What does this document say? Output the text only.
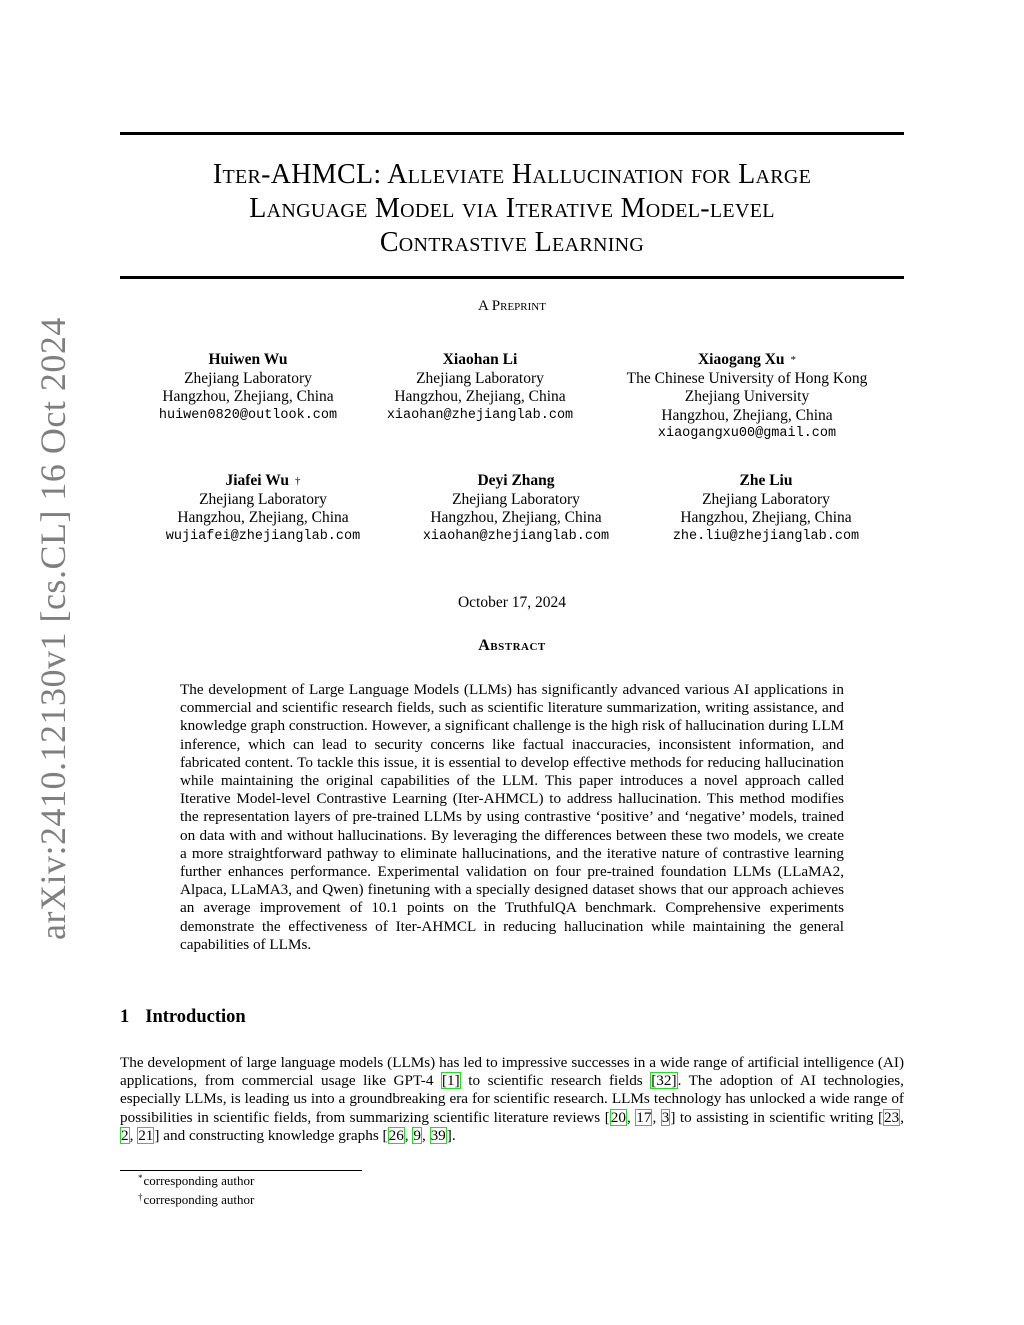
arXiv:2410.12130v1 [cs.CL] 16 Oct 2024
Iter-AHMCL: Alleviate Hallucination for Large
Language Model via Iterative Model-level
Contrastive Learning
A Preprint
Huiwen Wu
Zhejiang Laboratory
Hangzhou, Zhejiang, China
huiwen0820@outlook.com
Xiaohan Li
Zhejiang Laboratory
Hangzhou, Zhejiang, China
xiaohan@zhejianglab.com
Xiaogang Xu *
The Chinese University of Hong Kong
Zhejiang University
Hangzhou, Zhejiang, China
xiaogangxu00@gmail.com
Jiafei Wu †
Zhejiang Laboratory
Hangzhou, Zhejiang, China
wujiafei@zhejianglab.com
Deyi Zhang
Zhejiang Laboratory
Hangzhou, Zhejiang, China
xiaohan@zhejianglab.com
Zhe Liu
Zhejiang Laboratory
Hangzhou, Zhejiang, China
zhe.liu@zhejianglab.com
October 17, 2024
Abstract
The development of Large Language Models (LLMs) has significantly advanced various AI applications in commercial and scientific research fields, such as scientific literature summarization, writing assistance, and knowledge graph construction. However, a significant challenge is the high risk of hallucination during LLM inference, which can lead to security concerns like factual inaccuracies, inconsistent information, and fabricated content. To tackle this issue, it is essential to develop effective methods for reducing hallucination while maintaining the original capabilities of the LLM. This paper introduces a novel approach called Iterative Model-level Contrastive Learning (Iter-AHMCL) to address hallucination. This method modifies the representation layers of pre-trained LLMs by using contrastive ‘positive’ and ‘negative’ models, trained on data with and without hallucinations. By leveraging the differences between these two models, we create a more straightforward pathway to eliminate hallucinations, and the iterative nature of contrastive learning further enhances performance. Experimental validation on four pre-trained foundation LLMs (LLaMA2, Alpaca, LLaMA3, and Qwen) finetuning with a specially designed dataset shows that our approach achieves an average improvement of 10.1 points on the TruthfulQA benchmark. Comprehensive experiments demonstrate the effectiveness of Iter-AHMCL in reducing hallucination while maintaining the general capabilities of LLMs.
1 Introduction
The development of large language models (LLMs) has led to impressive successes in a wide range of artificial intelligence (AI) applications, from commercial usage like GPT-4 [1] to scientific research fields [32]. The adoption of AI technologies, especially LLMs, is leading us into a groundbreaking era for scientific research. LLMs technology has unlocked a wide range of possibilities in scientific fields, from summarizing scientific literature reviews [20, 17, 3] to assisting in scientific writing [23, 2, 21] and constructing knowledge graphs [26, 9, 39].
*corresponding author
†corresponding author
